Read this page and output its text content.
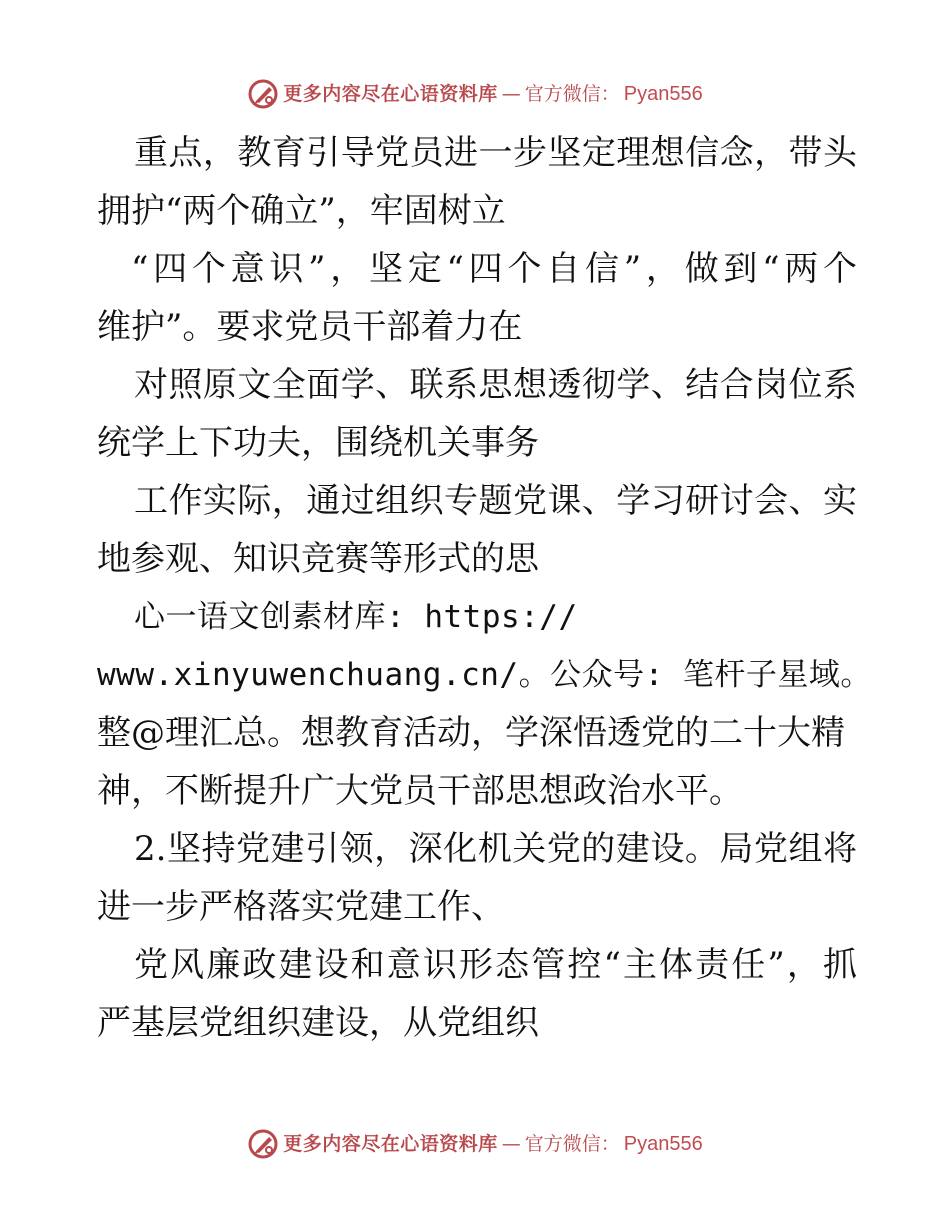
更多内容尽在心语资料库 — 官方微信： Pyan556
重点，教育引导党员进一步坚定理想信念，带头
拥护“两个确立”，牢固树立
“四个意识”，坚定“四个自信”，做到“两个
维护”。要求党员干部着力在
对照原文全面学、联系思想透彻学、结合岗位系
统学上下功夫，围绕机关事务
工作实际，通过组织专题党课、学习研讨会、实
地参观、知识竞赛等形式的思
心一语文创素材库: https://
www.xinyuwenchuang.cn/。公众号: 笔杆子星域。
整@理汇总。想教育活动，学深悟透党的二十大精
神，不断提升广大党员干部思想政治水平。
2.坚持党建引领，深化机关党的建设。局党组将
进一步严格落实党建工作、
党风廉政建设和意识形态管控“主体责任”，抓
严基层党组织建设，从党组织
更多内容尽在心语资料库 — 官方微信： Pyan556
